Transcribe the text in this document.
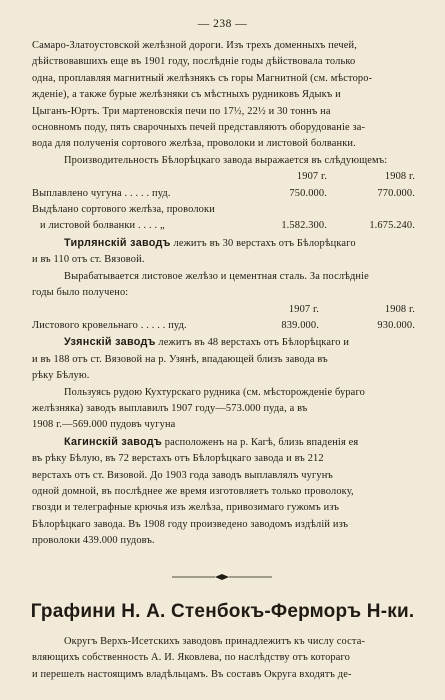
— 238 —
Самаро-Златоустовской желѣзной дороги. Изъ трехъ доменныхъ печей,
дѣйствовавшихъ еще въ 1901 году, послѣдніе годы дѣйствовала только
одна, проплавляя магнитный желѣзнякъ съ горы Магнитной (см. мѣсторо-
жденіе), а также бурые желѣзняки съ мѣстныхъ рудниковъ Ядыкъ и
Цыганъ-Юртъ. Три мартеновскія печи по 17½, 22½ и 30 тоннъ на
основномъ поду, пять сварочныхъ печей представляютъ оборудованіе за-
вода для полученія сортового желѣза, проволоки и листовой болванки.
Производительность Бѣлорѣцкаго завода выражается въ слѣдующемъ:
	1907 г.	1908 г.
Выплавлено чугуна . . . . . пуд.	750.000.	770.000.
Выдѣлано сортового желѣза, проволоки		
и листовой болванки . . . . „	1.582.300.	1.675.240.
Тирлянскій заводъ лежитъ въ 30 верстахъ отъ Бѣлорѣцкаго
и въ 110 отъ ст. Вязовой.
Вырабатывается листовое желѣзо и цементная сталь. За послѣдніе
годы было получено:
	1907 г.	1908 г.
Листового кровельнаго . . . . . пуд.	839.000.	930.000.
Узянскій заводъ лежитъ въ 48 верстахъ отъ Бѣлорѣцкаго и
и въ 188 отъ ст. Вязовой на р. Узянѣ, впадающей близъ завода въ
рѣку Бѣлую.
Пользуясь рудою Кухтурскаго рудника (см. мѣсторожденіе бураго
желѣзняка) заводъ выплавилъ 1907 году—573.000 пуда, а въ
1908 г.—569.000 пудовъ чугуна
Кагинскій заводъ расположенъ на р. Кагѣ, близь впаденія ея
въ рѣку Бѣлую, въ 72 верстахъ отъ Бѣлорѣцкаго завода и въ 212
верстахъ отъ ст. Вязовой. До 1903 года заводъ выплавлялъ чугунъ
одной домной, въ послѣднее же время изготовляетъ только проволоку,
гвозди и телеграфные крючья изъ желѣза, привозимаго гужомъ изъ
Бѣлорѣцкаго завода. Въ 1908 году произведено заводомъ издѣлій изъ
проволоки 439.000 пудовъ.
Графини Н. А. Стенбокъ-Ферморъ Н-ки.
Округъ Верхъ-Исетскихъ заводовъ принадлежитъ къ числу соста-
вляющихъ собственность А. И. Яковлева, по наслѣдству отъ котораго
и перешелъ настоящимъ владѣльцамъ. Въ составъ Округа входятъ де-
